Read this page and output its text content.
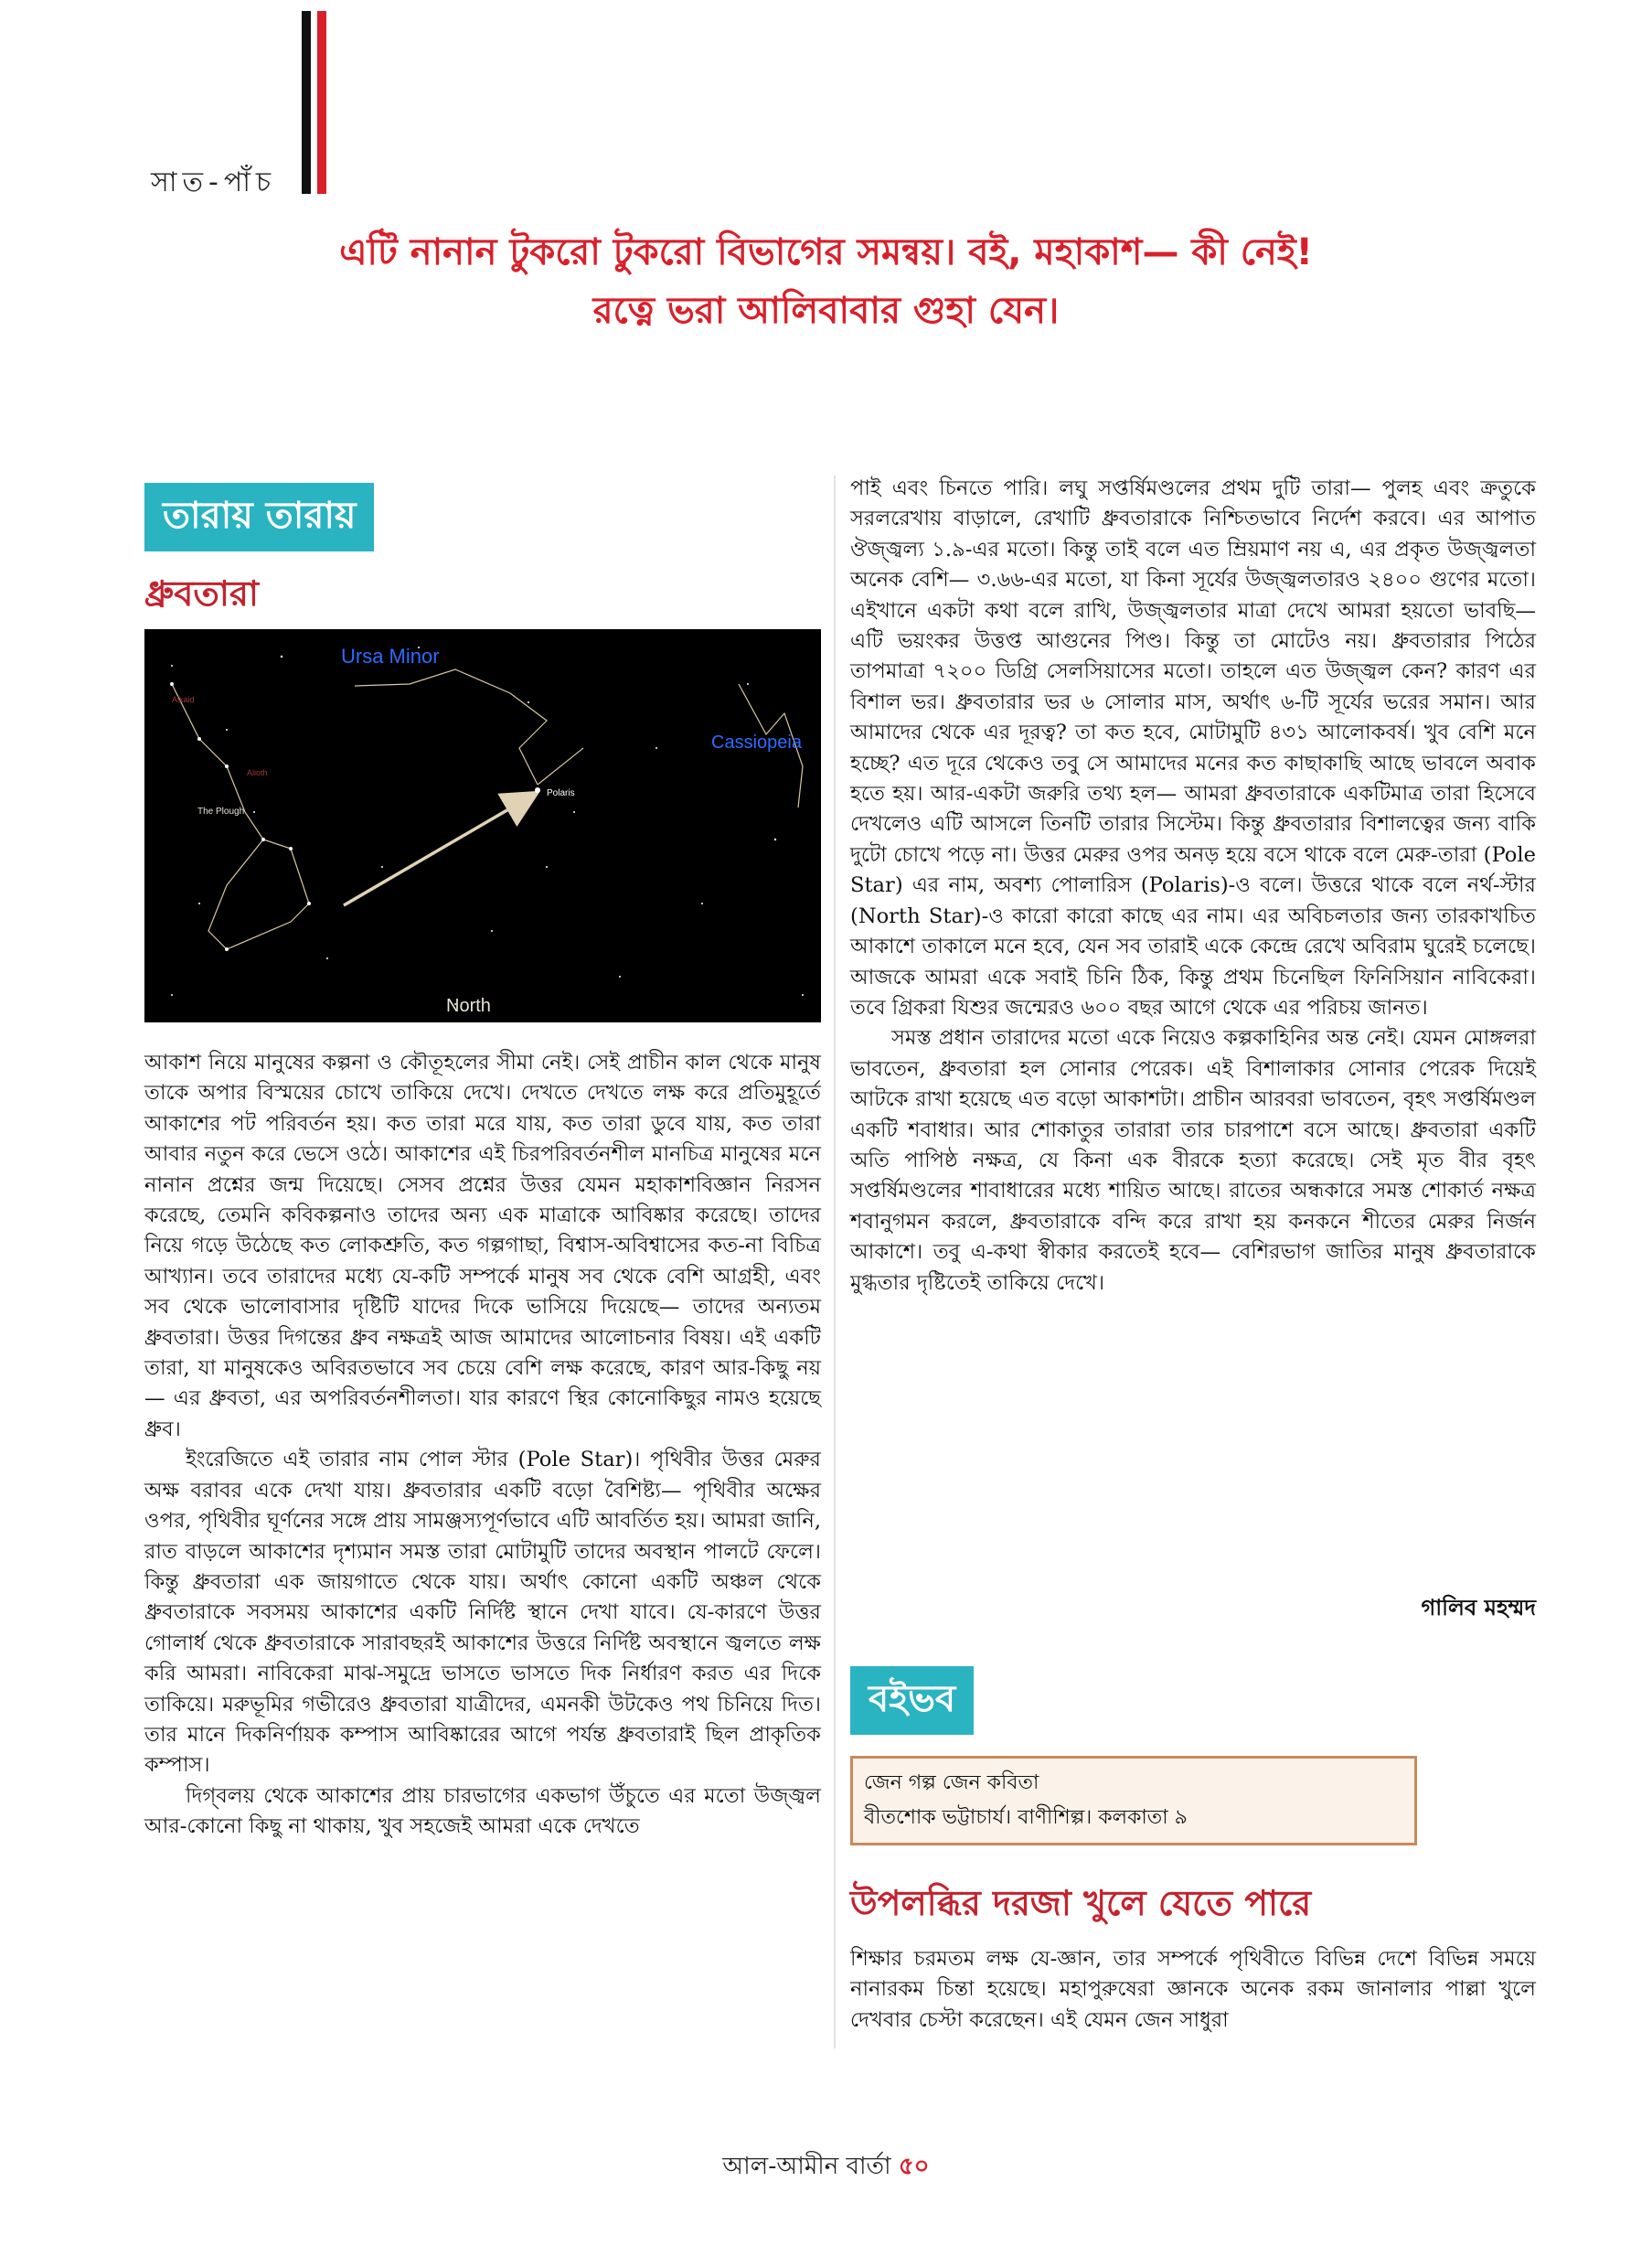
সাত-পাঁচ
এটি নানান টুকরো টুকরো বিভাগের সমন্বয়। বই, মহাকাশ— কী নেই!
রত্নে ভরা আলিবাবার গুহা যেন।
তারায় তারায়
ধ্রুবতারা
Ursa Minor
Polaris
Cassiopeia
Alkaid
Alioth
The Plough
North

আকাশ নিয়ে মানুষের কল্পনা ও কৌতূহলের সীমা নেই। সেই প্রাচীন কাল থেকে মানুষ তাকে অপার বিস্ময়ের চোখে তাকিয়ে দেখে। দেখতে দেখতে লক্ষ করে প্রতিমুহূর্তে আকাশের পট পরিবর্তন হয়। কত তারা মরে যায়, কত তারা ডুবে যায়, কত তারা আবার নতুন করে ভেসে ওঠে। আকাশের এই চিরপরিবর্তনশীল মানচিত্র মানুষের মনে নানান প্রশ্নের জন্ম দিয়েছে। সেসব প্রশ্নের উত্তর যেমন মহাকাশবিজ্ঞান নিরসন করেছে, তেমনি কবিকল্পনাও তাদের অন্য এক মাত্রাকে আবিষ্কার করেছে। তাদের নিয়ে গড়ে উঠেছে কত লোকশ্রুতি, কত গল্পগাছা, বিশ্বাস-অবিশ্বাসের কত-না বিচিত্র আখ্যান। তবে তারাদের মধ্যে যে-কটি সম্পর্কে মানুষ সব থেকে বেশি আগ্রহী, এবং সব থেকে ভালোবাসার দৃষ্টিটি যাদের দিকে ভাসিয়ে দিয়েছে— তাদের অন্যতম ধ্রুবতারা। উত্তর দিগন্তের ধ্রুব নক্ষত্রই আজ আমাদের আলোচনার বিষয়। এই একটি তারা, যা মানুষকেও অবিরতভাবে সব চেয়ে বেশি লক্ষ করেছে, কারণ আর-কিছু নয়— এর ধ্রুবতা, এর অপরিবর্তনশীলতা। যার কারণে স্থির কোনোকিছুর নামও হয়েছে ধ্রুব।

ইংরেজিতে এই তারার নাম পোল স্টার (Pole Star)। পৃথিবীর উত্তর মেরুর অক্ষ বরাবর একে দেখা যায়। ধ্রুবতারার একটি বড়ো বৈশিষ্ট্য— পৃথিবীর অক্ষের ওপর, পৃথিবীর ঘূর্ণনের সঙ্গে প্রায় সামঞ্জস্যপূর্ণভাবে এটি আবর্তিত হয়। আমরা জানি, রাত বাড়লে আকাশের দৃশ্যমান সমস্ত তারা মোটামুটি তাদের অবস্থান পালটে ফেলে। কিন্তু ধ্রুবতারা এক জায়গাতে থেকে যায়। অর্থাৎ কোনো একটি অঞ্চল থেকে ধ্রুবতারাকে সবসময় আকাশের একটি নির্দিষ্ট স্থানে দেখা যাবে। যে-কারণে উত্তর গোলার্ধ থেকে ধ্রুবতারাকে সারাবছরই আকাশের উত্তরে নির্দিষ্ট অবস্থানে জ্বলতে লক্ষ করি আমরা। নাবিকেরা মাঝ-সমুদ্রে ভাসতে ভাসতে দিক নির্ধারণ করত এর দিকে তাকিয়ে। মরুভূমির গভীরেও ধ্রুবতারা যাত্রীদের, এমনকী উটকেও পথ চিনিয়ে দিত। তার মানে দিকনির্ণায়ক কম্পাস আবিষ্কারের আগে পর্যন্ত ধ্রুবতারাই ছিল প্রাকৃতিক কম্পাস।

দিগ্‌বলয় থেকে আকাশের প্রায় চারভাগের একভাগ উঁচুতে এর মতো উজ্জ্বল আর-কোনো কিছু না থাকায়, খুব সহজেই আমরা একে দেখতে

পাই এবং চিনতে পারি। লঘু সপ্তর্ষিমণ্ডলের প্রথম দুটি তারা— পুলহ এবং ক্রতুকে সরলরেখায় বাড়ালে, রেখাটি ধ্রুবতারাকে নিশ্চিতভাবে নির্দেশ করবে। এর আপাত ঔজ্জ্বল্য ১.৯-এর মতো। কিন্তু তাই বলে এত ম্রিয়মাণ নয় এ, এর প্রকৃত উজ্জ্বলতা অনেক বেশি— ৩.৬৬-এর মতো, যা কিনা সূর্যের উজ্জ্বলতারও ২৪০০ গুণের মতো। এইখানে একটা কথা বলে রাখি, উজ্জ্বলতার মাত্রা দেখে আমরা হয়তো ভাবছি— এটি ভয়ংকর উত্তপ্ত আগুনের পিণ্ড। কিন্তু তা মোটেও নয়। ধ্রুবতারার পিঠের তাপমাত্রা ৭২০০ ডিগ্রি সেলসিয়াসের মতো। তাহলে এত উজ্জ্বল কেন? কারণ এর বিশাল ভর। ধ্রুবতারার ভর ৬ সোলার মাস, অর্থাৎ ৬-টি সূর্যের ভরের সমান। আর আমাদের থেকে এর দূরত্ব? তা কত হবে, মোটামুটি ৪৩১ আলোকবর্ষ। খুব বেশি মনে হচ্ছে? এত দূরে থেকেও তবু সে আমাদের মনের কত কাছাকাছি আছে ভাবলে অবাক হতে হয়। আর-একটা জরুরি তথ্য হল— আমরা ধ্রুবতারাকে একটিমাত্র তারা হিসেবে দেখলেও এটি আসলে তিনটি তারার সিস্টেম। কিন্তু ধ্রুবতারার বিশালত্বের জন্য বাকি দুটো চোখে পড়ে না। উত্তর মেরুর ওপর অনড় হয়ে বসে থাকে বলে মেরু-তারা (Pole Star) এর নাম, অবশ্য পোলারিস (Polaris)-ও বলে। উত্তরে থাকে বলে নর্থ-স্টার (North Star)-ও কারো কারো কাছে এর নাম। এর অবিচলতার জন্য তারকাখচিত আকাশে তাকালে মনে হবে, যেন সব তারাই একে কেন্দ্রে রেখে অবিরাম ঘুরেই চলেছে। আজকে আমরা একে সবাই চিনি ঠিক, কিন্তু প্রথম চিনেছিল ফিনিসিয়ান নাবিকেরা। তবে গ্রিকরা যিশুর জন্মেরও ৬০০ বছর আগে থেকে এর পরিচয় জানত।

সমস্ত প্রধান তারাদের মতো একে নিয়েও কল্পকাহিনির অন্ত নেই। যেমন মোঙ্গলরা ভাবতেন, ধ্রুবতারা হল সোনার পেরেক। এই বিশালাকার সোনার পেরেক দিয়েই আটকে রাখা হয়েছে এত বড়ো আকাশটা। প্রাচীন আরবরা ভাবতেন, বৃহৎ সপ্তর্ষিমণ্ডল একটি শবাধার। আর শোকাতুর তারারা তার চারপাশে বসে আছে। ধ্রুবতারা একটি অতি পাপিষ্ঠ নক্ষত্র, যে কিনা এক বীরকে হত্যা করেছে। সেই মৃত বীর বৃহৎ সপ্তর্ষিমণ্ডলের শাবাধারের মধ্যে শায়িত আছে। রাতের অন্ধকারে সমস্ত শোকার্ত নক্ষত্র শবানুগমন করলে, ধ্রুবতারাকে বন্দি করে রাখা হয় কনকনে শীতের মেরুর নির্জন আকাশে। তবু এ-কথা স্বীকার করতেই হবে— বেশিরভাগ জাতির মানুষ ধ্রুবতারাকে মুগ্ধতার দৃষ্টিতেই তাকিয়ে দেখে।

গালিব মহম্মদ
বইভব
জেন গল্প জেন কবিতা
বীতশোক ভট্টাচার্য। বাণীশিল্প। কলকাতা ৯
উপলব্ধির দরজা খুলে যেতে পারে

শিক্ষার চরমতম লক্ষ যে-জ্ঞান, তার সম্পর্কে পৃথিবীতে বিভিন্ন দেশে বিভিন্ন সময়ে নানারকম চিন্তা হয়েছে। মহাপুরুষেরা জ্ঞানকে অনেক রকম জানালার পাল্লা খুলে দেখবার চেস্টা করেছেন। এই যেমন জেন সাধুরা

আল-আমীন বার্তা ৫০
